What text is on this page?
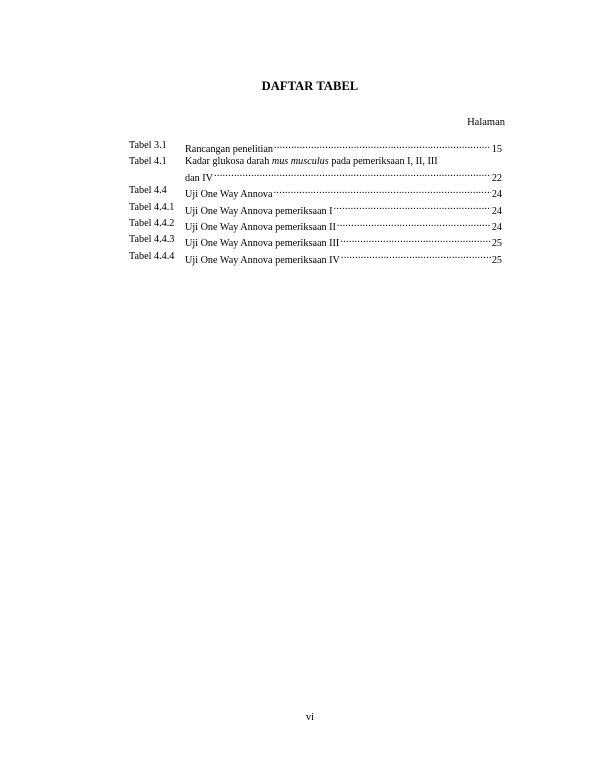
DAFTAR TABEL
Halaman
Tabel 3.1	Rancangan penelitian .....	15
Tabel 4.1	Kadar glukosa darah mus musculus pada pemeriksaan I, II, III
dan IV .....	22
Tabel 4.4	Uji One Way Annova .....	24
Tabel 4.4.1	Uji One Way Annova pemeriksaan I .....	24
Tabel 4.4.2	Uji One Way Annova pemeriksaan II .....	24
Tabel 4.4.3	Uji One Way Annova pemeriksaan III .....	25
Tabel 4.4.4	Uji One Way Annova pemeriksaan IV .....	25
vi
